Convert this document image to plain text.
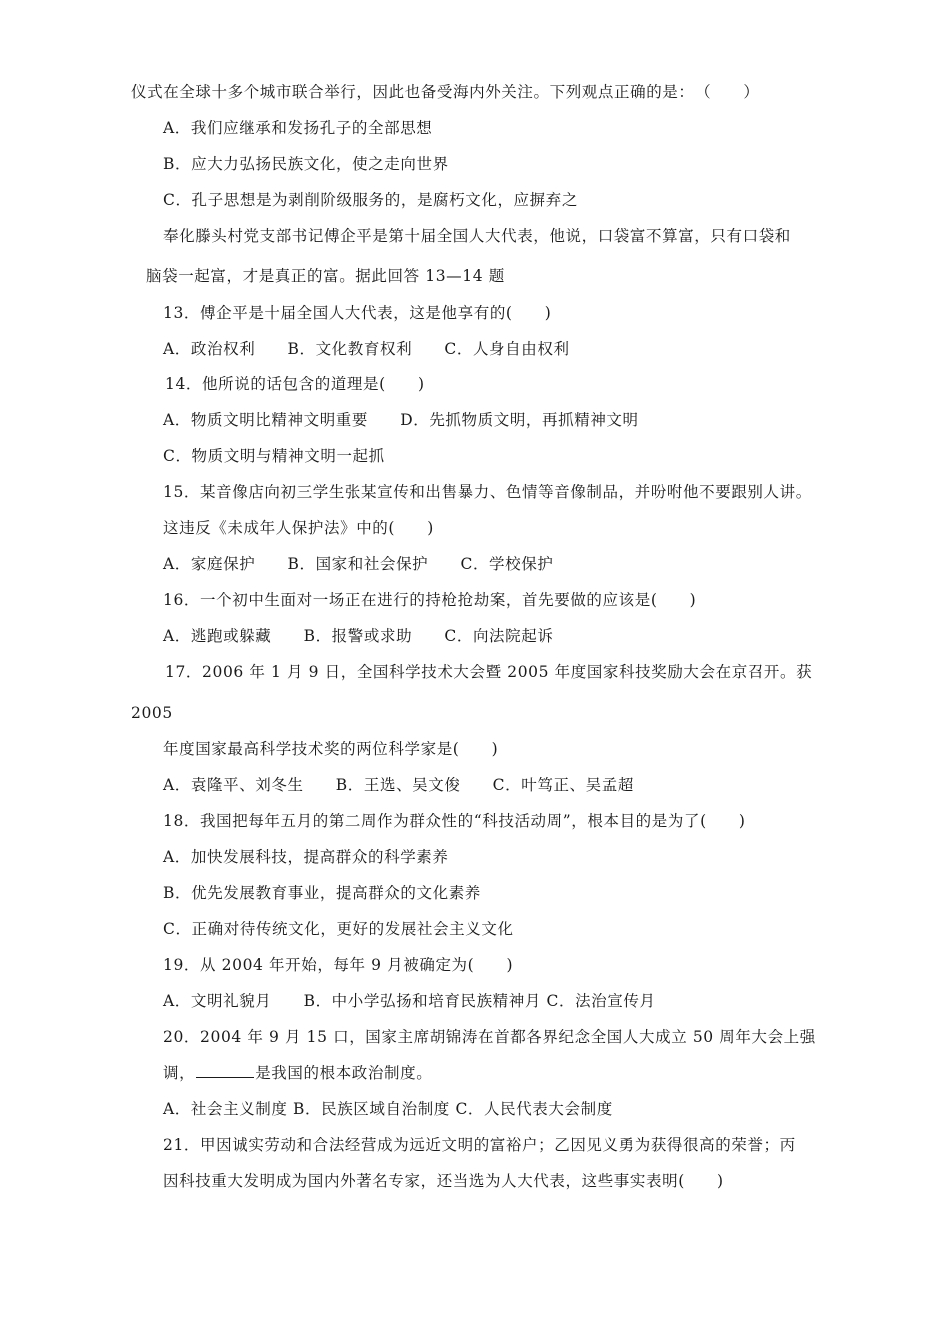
仪式在全球十多个城市联合举行，因此也备受海内外关注。下列观点正确的是：　（　　）
A．我们应继承和发扬孔子的全部思想
B．应大力弘扬民族文化，使之走向世界
C．孔子思想是为剥削阶级服务的，是腐朽文化，应摒弃之
奉化滕头村党支部书记傅企平是第十届全国人大代表，他说，口袋富不算富，只有口袋和
脑袋一起富，才是真正的富。据此回答 13—14 题
13．傅企平是十届全国人大代表，这是他享有的(　　)
A．政治权利　　B．文化教育权利　　C．人身自由权利
14．他所说的话包含的道理是(　　)
A．物质文明比精神文明重要　　D．先抓物质文明，再抓精神文明
C．物质文明与精神文明一起抓
15．某音像店向初三学生张某宣传和出售暴力、色情等音像制品，并吩咐他不要跟别人讲。
这违反《未成年人保护法》中的(　　)
A．家庭保护　　B．国家和社会保护　　C．学校保护
16．一个初中生面对一场正在进行的持枪抢劫案，首先要做的应该是(　　)
A．逃跑或躲藏　　B．报警或求助　　C．向法院起诉
17．2006 年 1 月 9 日，全国科学技术大会暨 2005 年度国家科技奖励大会在京召开。获
2005
年度国家最高科学技术奖的两位科学家是(　　)
A．袁隆平、刘冬生　　B．王选、吴文俊　　C．叶笃正、吴孟超
18．我国把每年五月的第二周作为群众性的“科技活动周”，根本目的是为了(　　)
A．加快发展科技，提高群众的科学素养
B．优先发展教育事业，提高群众的文化素养
C．正确对待传统文化，更好的发展社会主义文化
19．从 2004 年开始，每年 9 月被确定为(　　)
A．文明礼貌月　　B．中小学弘扬和培育民族精神月 C．法治宣传月
20．2004 年 9 月 15 口，国家主席胡锦涛在首都各界纪念全国人大成立 50 周年大会上强
调，	是我国的根本政治制度。
A．社会主义制度 B．民族区域自治制度 C．人民代表大会制度
21．甲因诚实劳动和合法经营成为远近文明的富裕户；乙因见义勇为获得很高的荣誉；丙
因科技重大发明成为国内外著名专家，还当选为人大代表，这些事实表明(　　)
